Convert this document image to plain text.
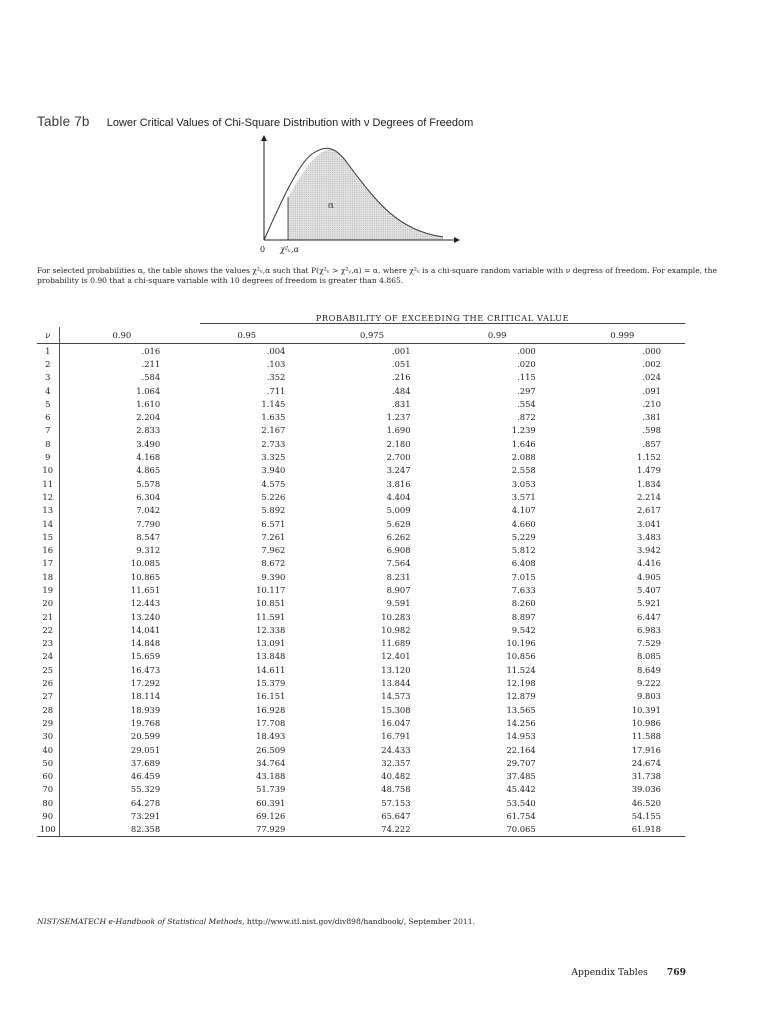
Table 7b Lower Critical Values of Chi-Square Distribution with ν Degrees of Freedom
α
0 χ²ᵥ,α

For selected probabilities α, the table shows the values χ²ᵥ,α such that P(χ²ᵥ > χ²ᵥ,α) = α, where χ²ᵥ is a chi-square random variable with ν degress of freedom. For example, the probability is 0.90 that a chi-square variable with 10 degrees of freedom is greater than 4.865.

PROBABILITY OF EXCEEDING THE CRITICAL VALUE
ν	0.90	0.95	0.975	0.99	0.999
1	.016	.004	.001	.000	.000
2	.211	.103	.051	.020	.002
3	.584	.352	.216	.115	.024
4	1.064	.711	.484	.297	.091
5	1.610	1.145	.831	.554	.210
6	2.204	1.635	1.237	.872	.381
7	2.833	2.167	1.690	1.239	.598
8	3.490	2.733	2.180	1.646	.857
9	4.168	3.325	2.700	2.088	1.152
10	4.865	3.940	3.247	2.558	1.479
11	5.578	4.575	3.816	3.053	1.834
12	6.304	5.226	4.404	3.571	2.214
13	7.042	5.892	5.009	4.107	2.617
14	7.790	6.571	5.629	4.660	3.041
15	8.547	7.261	6.262	5.229	3.483
16	9.312	7.962	6.908	5.812	3.942
17	10.085	8.672	7.564	6.408	4.416
18	10.865	9.390	8.231	7.015	4.905
19	11.651	10.117	8.907	7.633	5.407
20	12.443	10.851	9.591	8.260	5.921
21	13.240	11.591	10.283	8.897	6.447
22	14.041	12.338	10.982	9.542	6.983
23	14.848	13.091	11.689	10.196	7.529
24	15.659	13.848	12.401	10.856	8.085
25	16.473	14.611	13.120	11.524	8.649
26	17.292	15.379	13.844	12.198	9.222
27	18.114	16.151	14.573	12.879	9.803
28	18.939	16.928	15.308	13.565	10.391
29	19.768	17.708	16.047	14.256	10.986
30	20.599	18.493	16.791	14.953	11.588
40	29.051	26.509	24.433	22.164	17.916
50	37.689	34.764	32.357	29.707	24.674
60	46.459	43.188	40.482	37.485	31.738
70	55.329	51.739	48.758	45.442	39.036
80	64.278	60.391	57.153	53.540	46.520
90	73.291	69.126	65.647	61.754	54.155
100	82.358	77.929	74.222	70.065	61.918
NIST/SEMATECH e-Handbook of Statistical Methods, http://www.itl.nist.gov/div898/handbook/, September 2011.
Appendix Tables 769
